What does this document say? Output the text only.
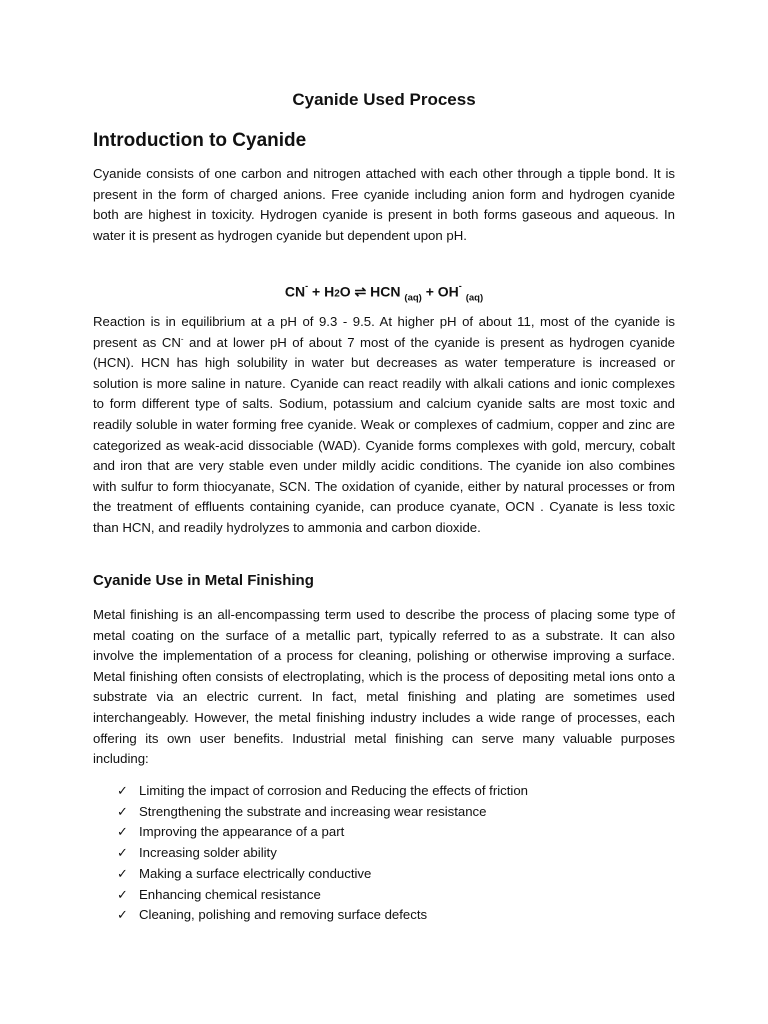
Cyanide Used Process
Introduction to Cyanide

Cyanide consists of one carbon and nitrogen attached with each other through a tipple bond. It is present in the form of charged anions. Free cyanide including anion form and hydrogen cyanide both are highest in toxicity. Hydrogen cyanide is present in both forms gaseous and aqueous. In water it is present as hydrogen cyanide but dependent upon pH.

CN- + H2O ⇌ HCN $_{(aq)}$ + OH- $_{(aq)}$

Reaction is in equilibrium at a pH of 9.3 - 9.5. At higher pH of about 11, most of the cyanide is present as CN- and at lower pH of about 7 most of the cyanide is present as hydrogen cyanide (HCN). HCN has high solubility in water but decreases as water temperature is increased or solution is more saline in nature. Cyanide can react readily with alkali cations and ionic complexes to form different type of salts. Sodium, potassium and calcium cyanide salts are most toxic and readily soluble in water forming free cyanide. Weak or complexes of cadmium, copper and zinc are categorized as weak-acid dissociable (WAD). Cyanide forms complexes with gold, mercury, cobalt and iron that are very stable even under mildly acidic conditions. The cyanide ion also combines with sulfur to form thiocyanate, SCN. The oxidation of cyanide, either by natural processes or from the treatment of effluents containing cyanide, can produce cyanate, OCN . Cyanate is less toxic than HCN, and readily hydrolyzes to ammonia and carbon dioxide.

Cyanide Use in Metal Finishing

Metal finishing is an all-encompassing term used to describe the process of placing some type of metal coating on the surface of a metallic part, typically referred to as a substrate. It can also involve the implementation of a process for cleaning, polishing or otherwise improving a surface. Metal finishing often consists of electroplating, which is the process of depositing metal ions onto a substrate via an electric current. In fact, metal finishing and plating are sometimes used interchangeably. However, the metal finishing industry includes a wide range of processes, each offering its own user benefits. Industrial metal finishing can serve many valuable purposes including:

✓ Limiting the impact of corrosion and Reducing the effects of friction
✓ Strengthening the substrate and increasing wear resistance
✓ Improving the appearance of a part
✓ Increasing solder ability
✓ Making a surface electrically conductive
✓ Enhancing chemical resistance
✓ Cleaning, polishing and removing surface defects
